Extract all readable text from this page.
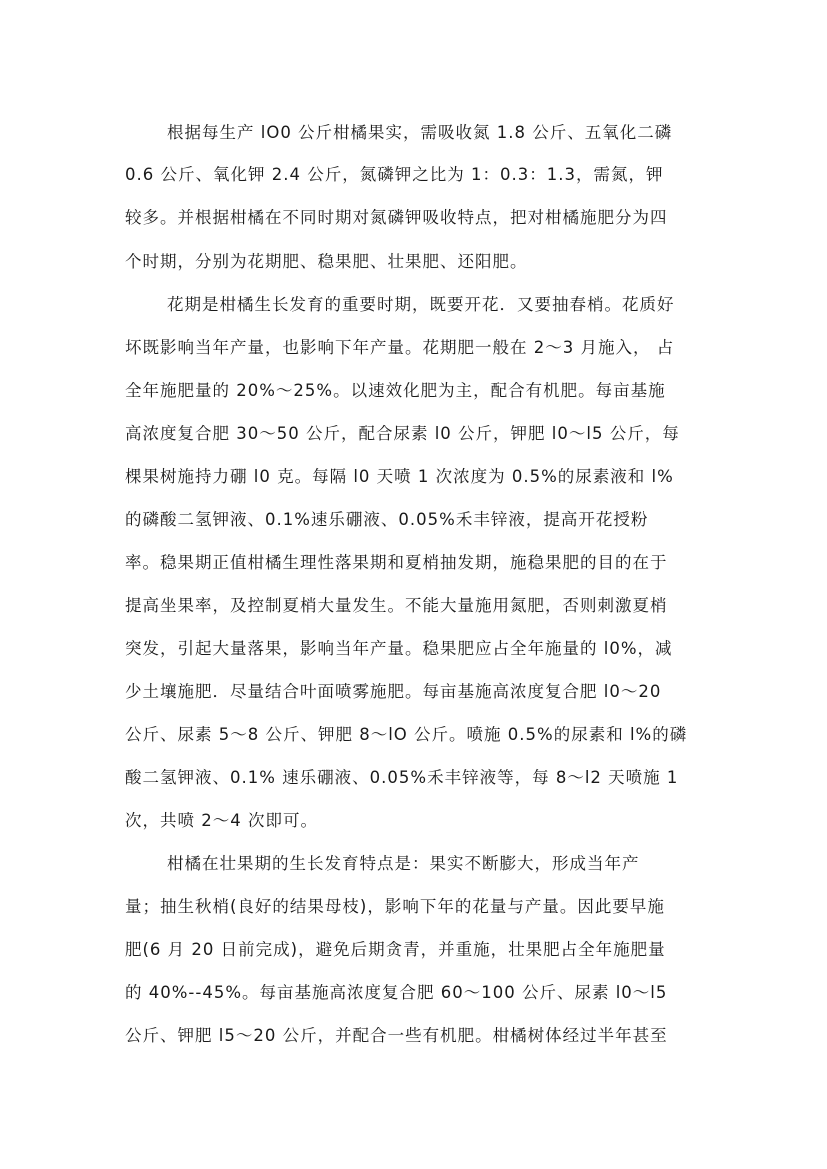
根据每生产 lO0 公斤柑橘果实，需吸收氮 1.8 公斤、五氧化二磷
0.6 公斤、氧化钾 2.4 公斤，氮磷钾之比为 1：0.3：1.3，需氮，钾
较多。并根据柑橘在不同时期对氮磷钾吸收特点，把对柑橘施肥分为四
个时期，分别为花期肥、稳果肥、壮果肥、还阳肥。
花期是柑橘生长发育的重要时期，既要开花．又要抽春梢。花质好
坏既影响当年产量，也影响下年产量。花期肥一般在 2～3 月施入， 占
全年施肥量的 20%～25%。以速效化肥为主，配合有机肥。每亩基施
高浓度复合肥 30～50 公斤，配合尿素 l0 公斤，钾肥 l0～l5 公斤，每
棵果树施持力硼 l0 克。每隔 l0 天喷 1 次浓度为 0.5%的尿素液和 l%
的磷酸二氢钾液、0.1%速乐硼液、0.05%禾丰锌液，提高开花授粉
率。稳果期正值柑橘生理性落果期和夏梢抽发期，施稳果肥的目的在于
提高坐果率，及控制夏梢大量发生。不能大量施用氮肥，否则刺激夏梢
突发，引起大量落果，影响当年产量。稳果肥应占全年施量的 l0%，减
少土壤施肥．尽量结合叶面喷雾施肥。每亩基施高浓度复合肥 l0～20
公斤、尿素 5～8 公斤、钾肥 8～lO 公斤。喷施 0.5%的尿素和 l%的磷
酸二氢钾液、0.1% 速乐硼液、0.05%禾丰锌液等，每 8～l2 天喷施 1
次，共喷 2～4 次即可。
柑橘在壮果期的生长发育特点是：果实不断膨大，形成当年产
量；抽生秋梢(良好的结果母枝)，影响下年的花量与产量。因此要早施
肥(6 月 20 日前完成)，避免后期贪青，并重施，壮果肥占全年施肥量
的 40%--45%。每亩基施高浓度复合肥 60～100 公斤、尿素 l0～l5
公斤、钾肥 l5～20 公斤，并配合一些有机肥。柑橘树体经过半年甚至
